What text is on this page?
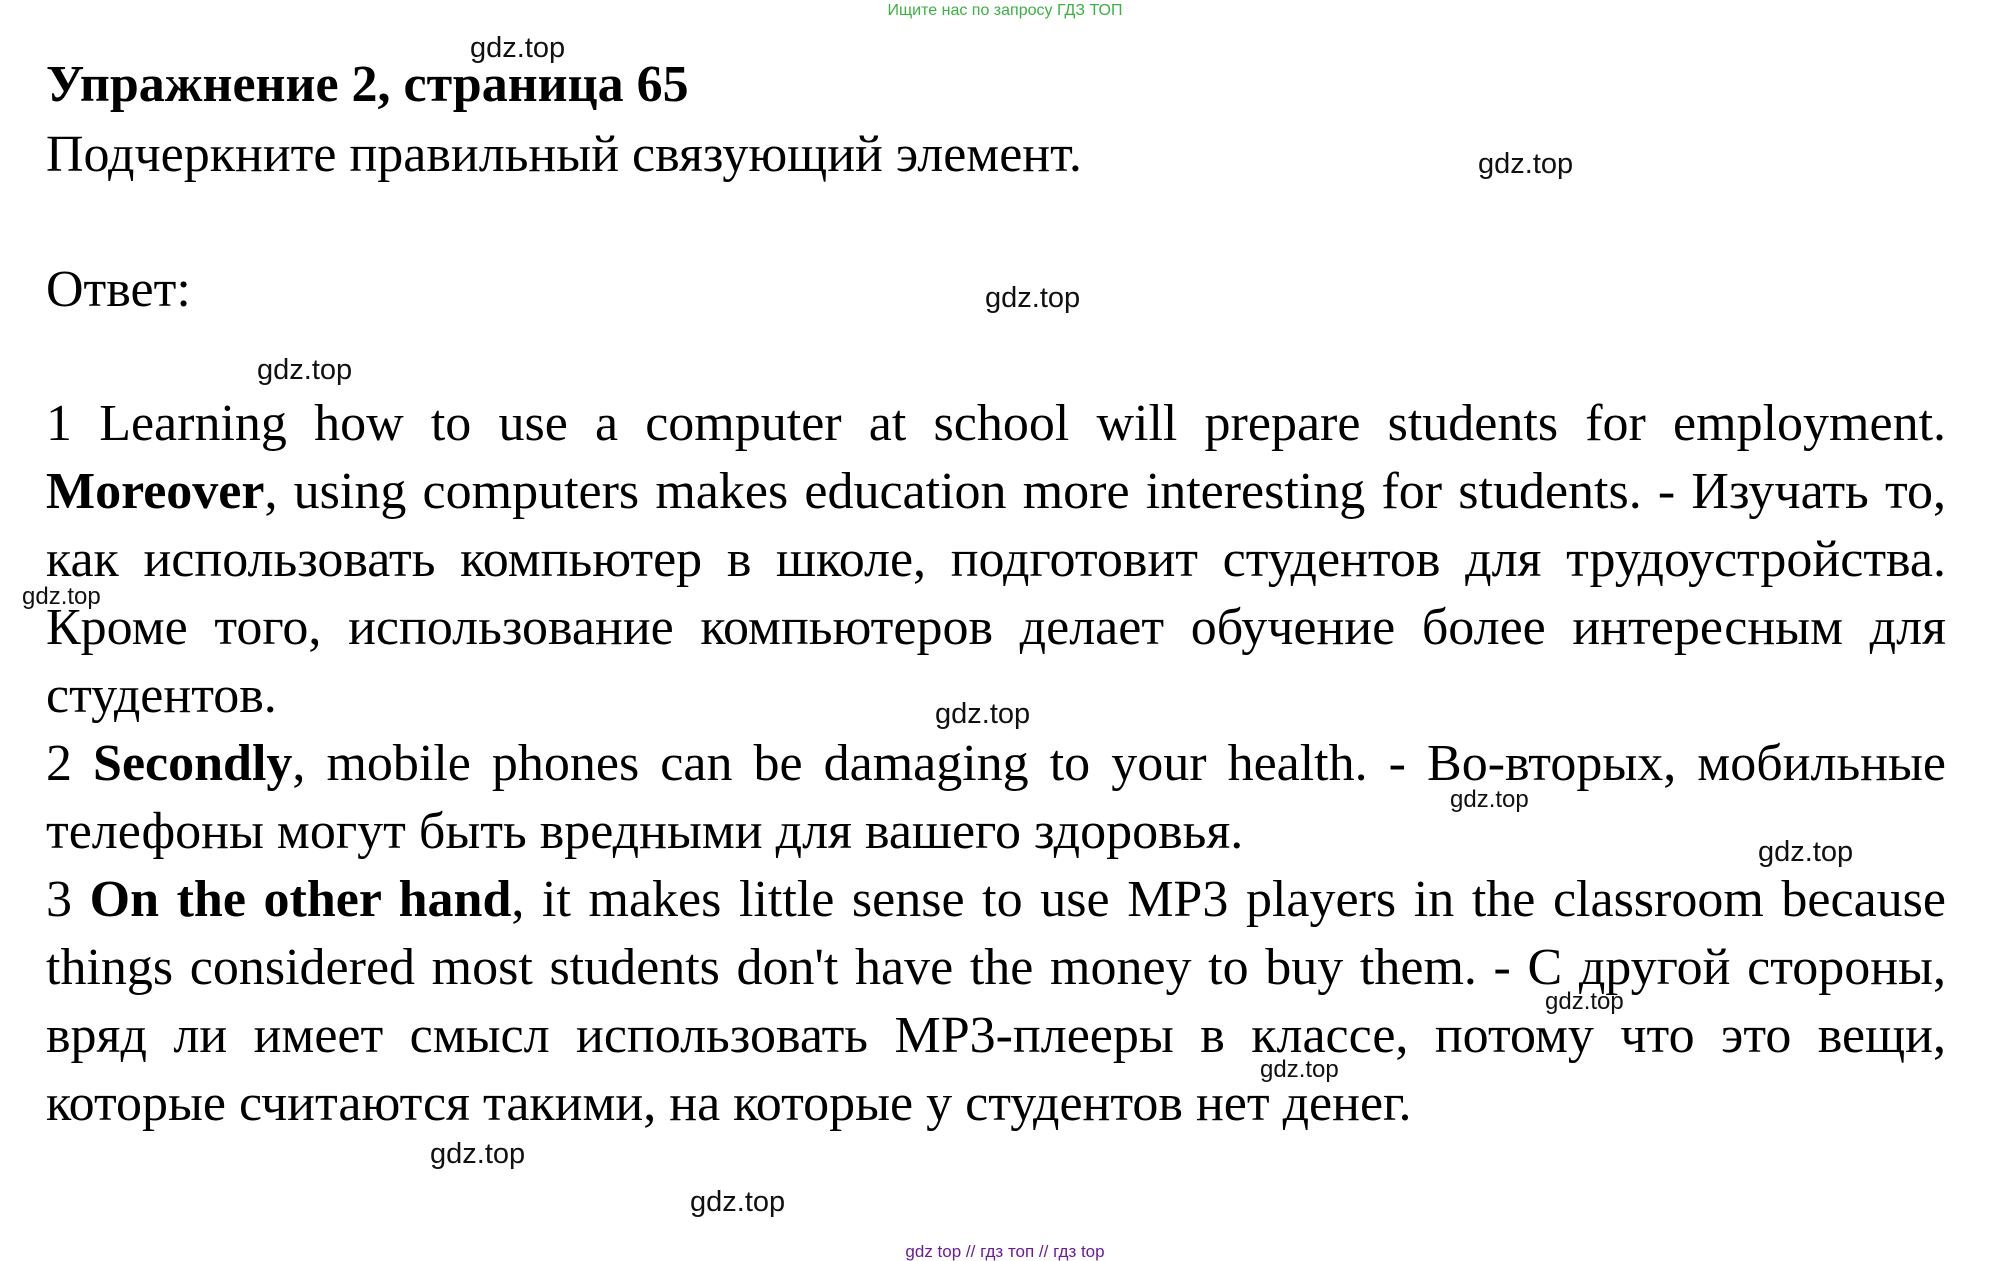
Ищите нас по запросу ГДЗ ТОП
Упражнение 2, страница 65
Подчеркните правильный связующий элемент.
Ответ:

1 Learning how to use a computer at school will prepare students for employment. Moreover, using computers makes education more interesting for students. - Изучать то, как использовать компьютер в школе, подготовит студентов для трудоустройства. Кроме того, использование компьютеров делает обучение более интересным для студентов.

2 Secondly, mobile phones can be damaging to your health. - Во-вторых, мобильные телефоны могут быть вредными для вашего здоровья.

3 On the other hand, it makes little sense to use MP3 players in the classroom because things considered most students don't have the money to buy them. - С другой стороны, вряд ли имеет смысл использовать MP3-плееры в классе, потому что это вещи, которые считаются такими, на которые у студентов нет денег.

gdz.top
gdz.top
gdz.top
gdz.top
gdz.top
gdz.top
gdz.top
gdz.top
gdz.top
gdz.top
gdz.top
gdz.top
gdz top // гдз топ // гдз top
